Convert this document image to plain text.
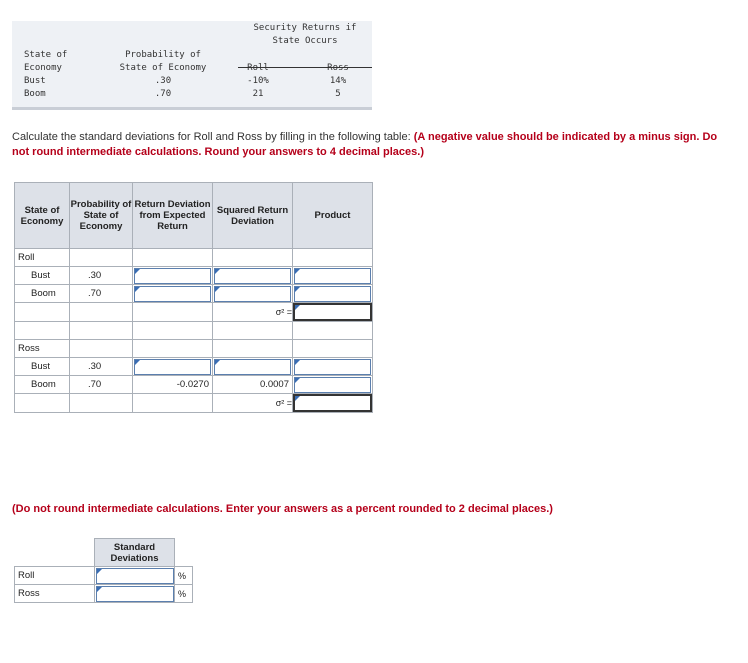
Security Returns if
State Occurs
State of
Economy
Probability of
State of Economy	Roll	Ross
Bust	.30	-10%	14%
Boom	.70	21	5
Calculate the standard deviations for Roll and Ross by filling in the following table: (A negative value should be indicated by a minus sign. Do not round intermediate calculations. Round your answers to 4 decimal places.)
State of Economy	Probability of State of Economy	Return Deviation from Expected Return	Squared Return Deviation	Product
Roll				
Bust	.30	

Boom	.70	

			σ² =	

Ross				
Bust	.30	

Boom	.70	-0.0270	0.0007	

			σ² =	
(Do not round intermediate calculations. Enter your answers as a percent rounded to 2 decimal places.)
	Standard Deviations	
Roll		%
Ross		%
